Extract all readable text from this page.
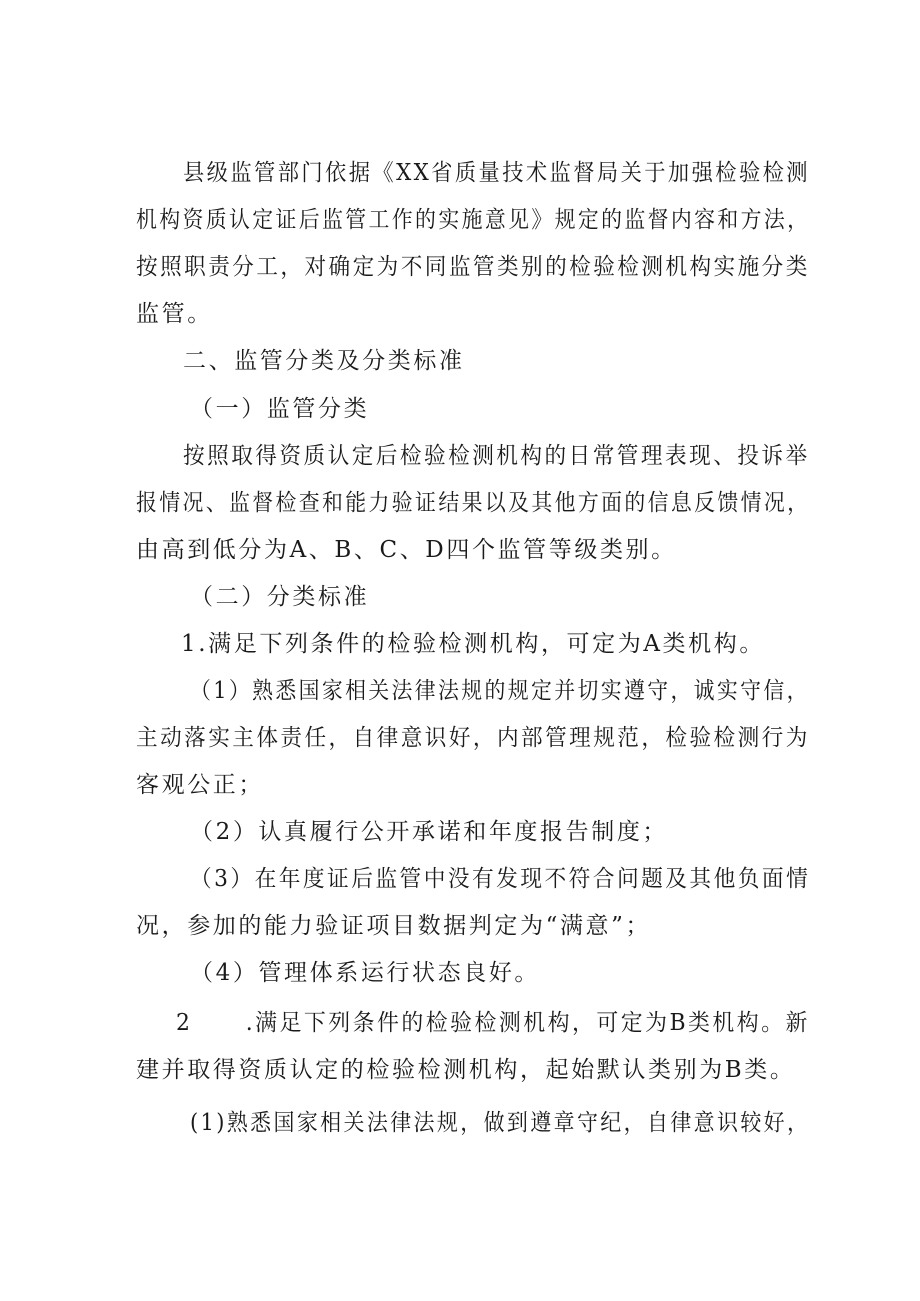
县级监管部门依据《XX省质量技术监督局关于加强检验检测
机构资质认定证后监管工作的实施意见》规定的监督内容和方法，
按照职责分工，对确定为不同监管类别的检验检测机构实施分类
监管。
二、监管分类及分类标准
（一）监管分类
按照取得资质认定后检验检测机构的日常管理表现、投诉举
报情况、监督检查和能力验证结果以及其他方面的信息反馈情况，
由高到低分为A、B、C、D四个监管等级类别。
（二）分类标准
1.满足下列条件的检验检测机构，可定为A类机构。
（1）熟悉国家相关法律法规的规定并切实遵守，诚实守信，
主动落实主体责任，自律意识好，内部管理规范，检验检测行为
客观公正；
（2）认真履行公开承诺和年度报告制度；
（3）在年度证后监管中没有发现不符合问题及其他负面情
况，参加的能力验证项目数据判定为“满意”；
（4）管理体系运行状态良好。
2 .满足下列条件的检验检测机构，可定为B类机构。新
建并取得资质认定的检验检测机构，起始默认类别为B类。
(1)熟悉国家相关法律法规，做到遵章守纪，自律意识较好，
